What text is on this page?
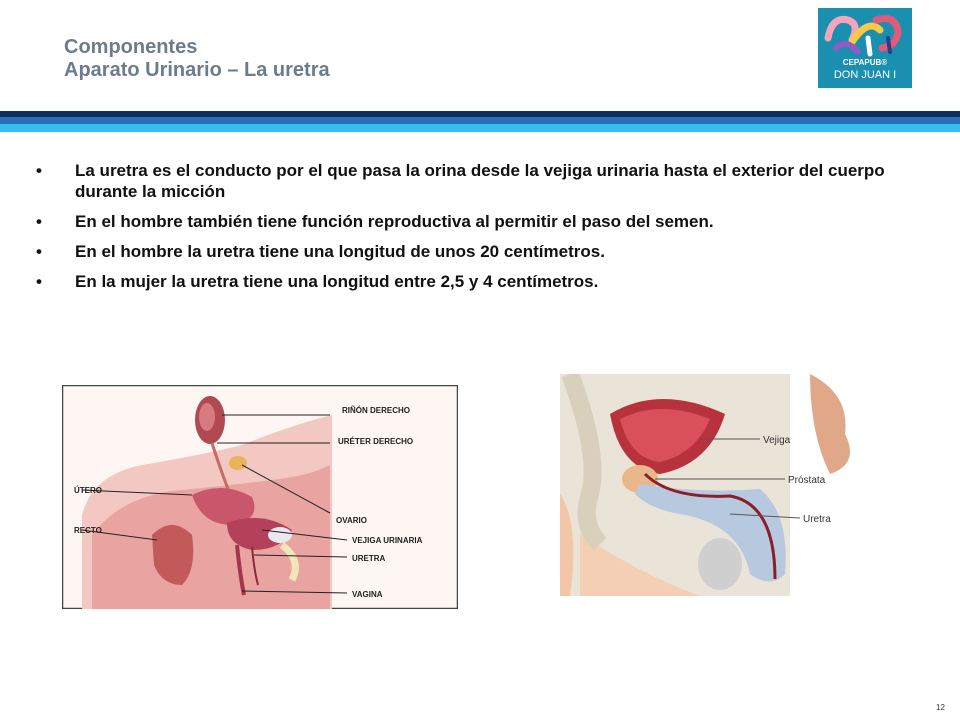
Componentes
Aparato Urinario – La uretra	CEPAPUB®
DON JUAN I
• La uretra es el conducto por el que pasa la orina desde la vejiga urinaria hasta el exterior del cuerpo durante la micción
• En el hombre también tiene función reproductiva al permitir el paso del semen.
• En el hombre la uretra tiene una longitud de unos 20 centímetros.
• En la mujer la uretra tiene una longitud entre 2,5 y 4 centímetros.
RIÑÓN DERECHO
URÉTER DERECHO
ÚTERO
OVARIO
RECTO
VEJIGA URINARIA
URETRA
VAGINA
Vejiga
Próstata
Uretra
12
